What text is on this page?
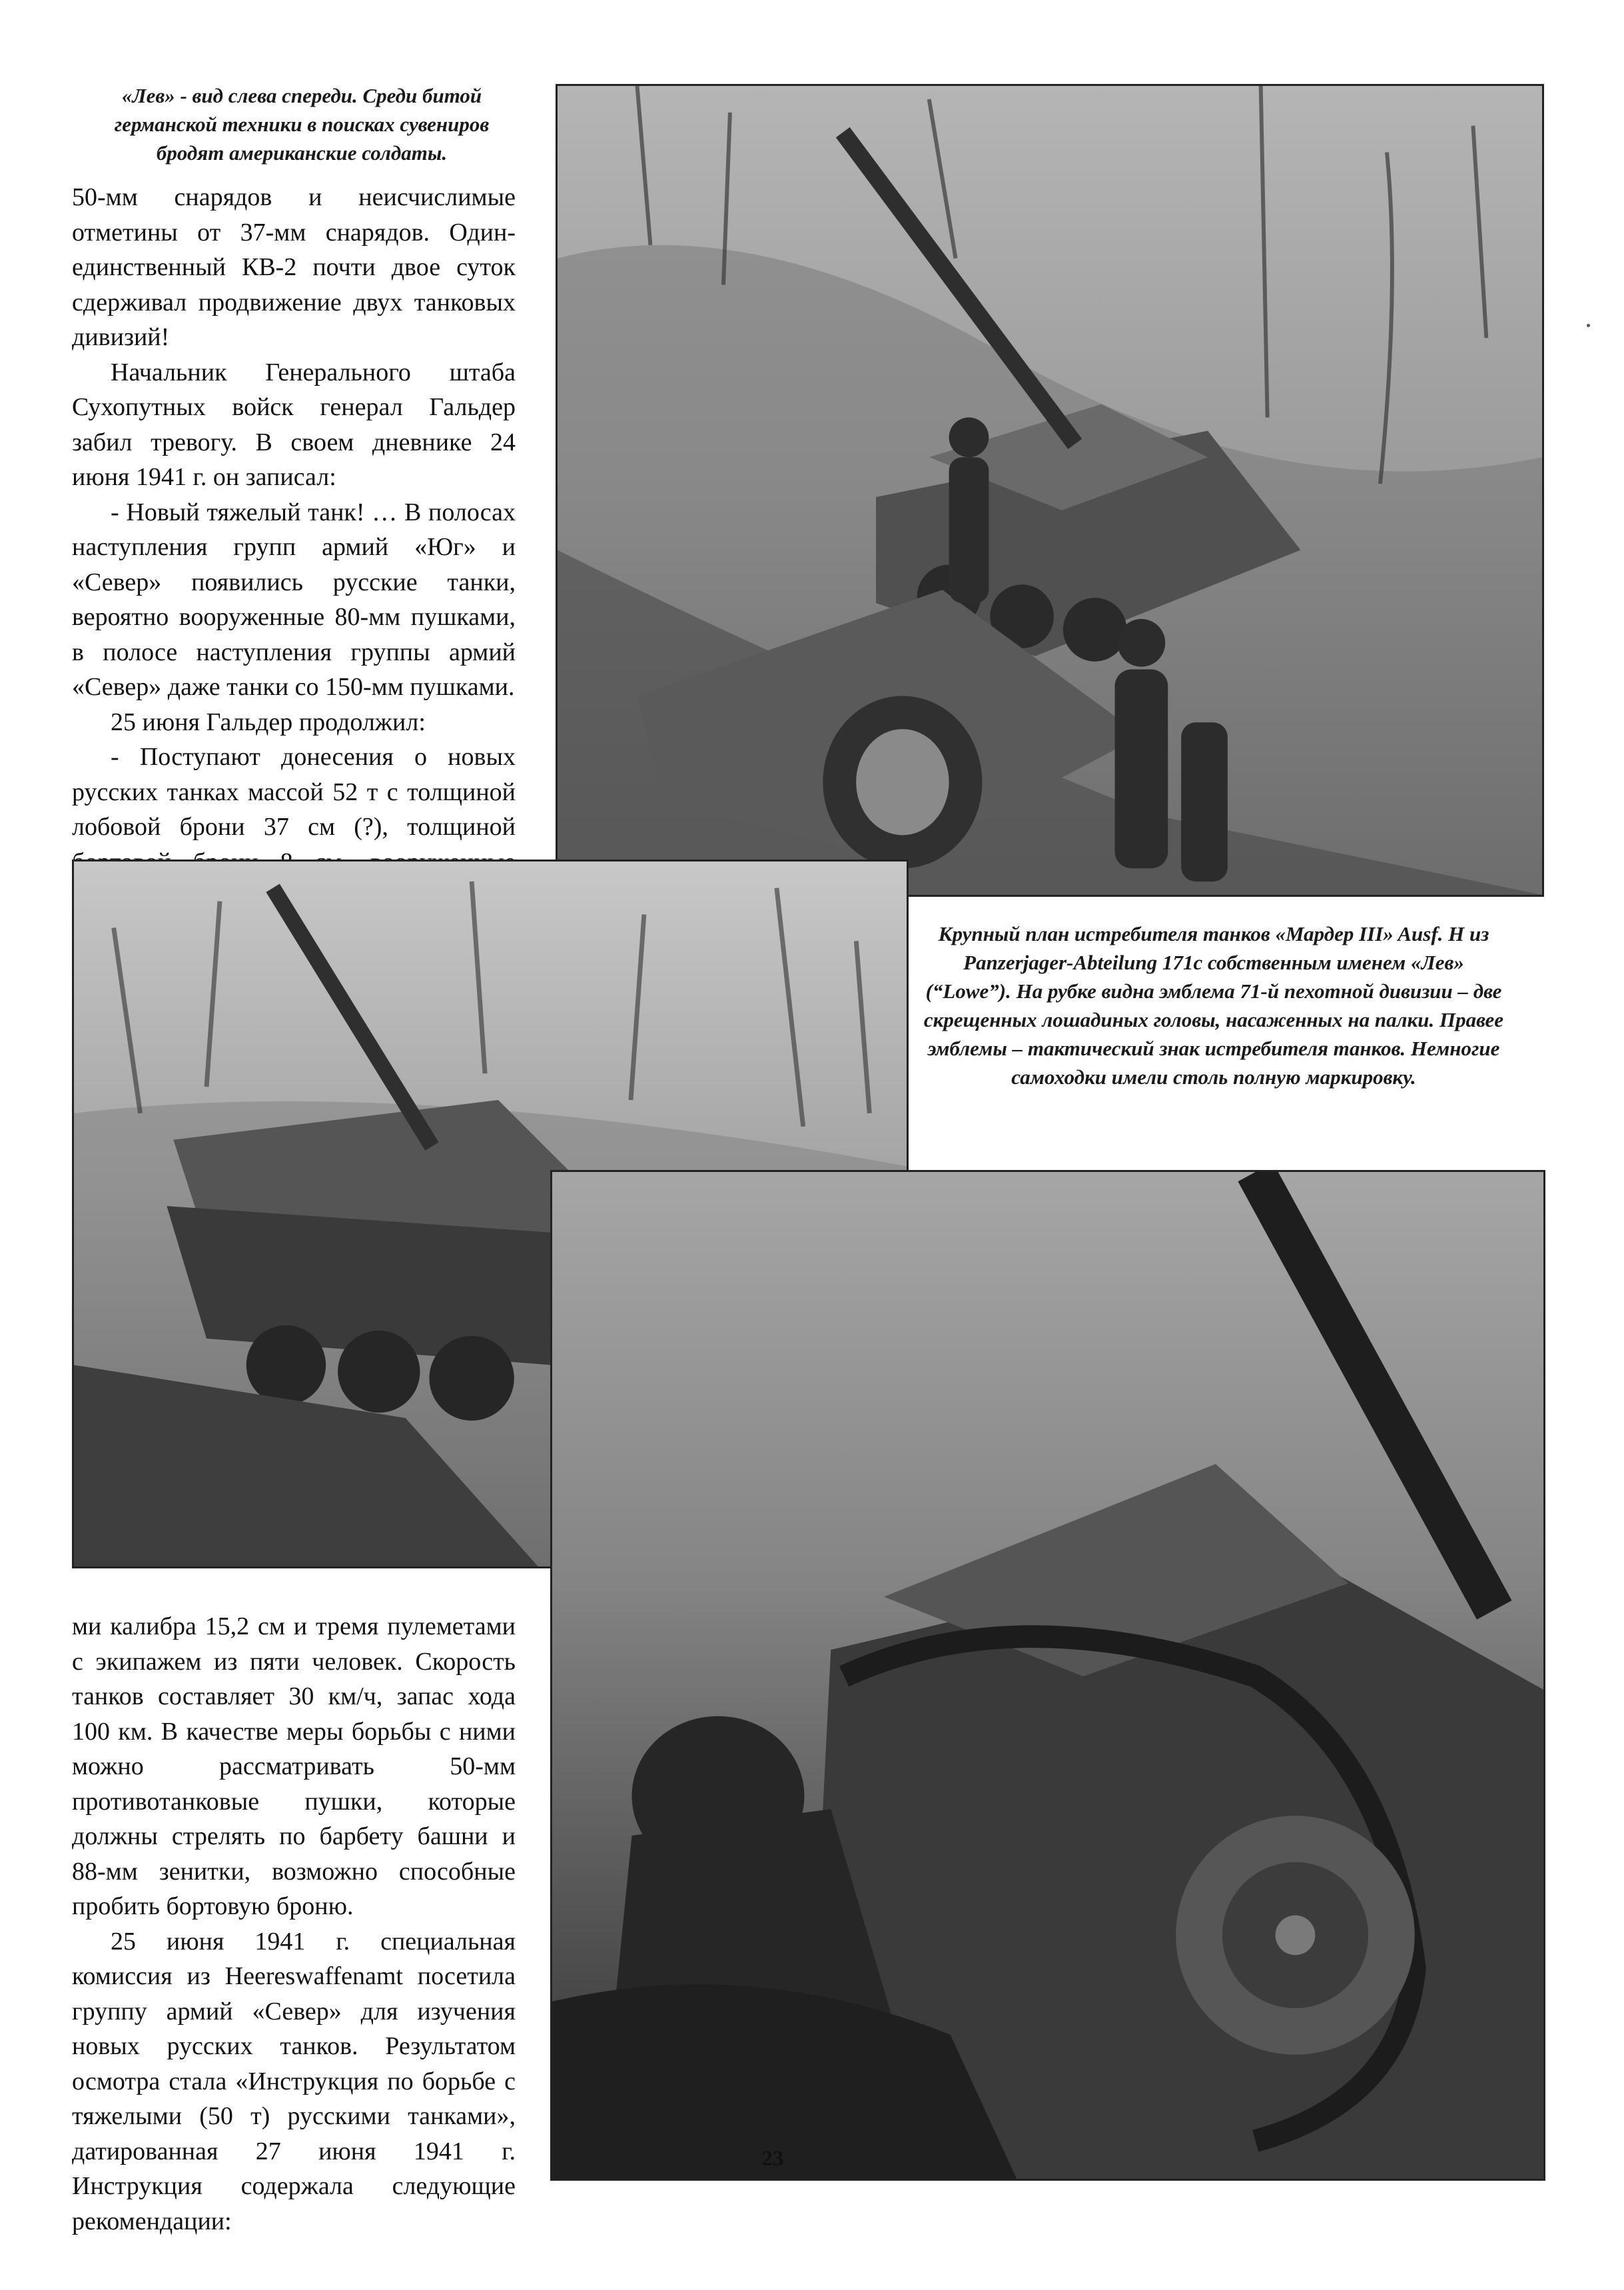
«Лев» - вид слева спереди. Среди битой германской техники в поисках сувениров бродят американские солдаты.

50-мм снарядов и неисчислимые отметины от 37-мм снарядов. Один-единственный КВ-2 почти двое суток сдерживал продвижение двух танковых дивизий!

Начальник Генерального штаба Сухопутных войск генерал Гальдер забил тревогу. В своем дневнике 24 июня 1941 г. он записал:

- Новый тяжелый танк! … В полосах наступления групп армий «Юг» и «Север» появились русские танки, вероятно вооруженные 80-мм пушками, в полосе наступления группы армий «Север» даже танки со 150-мм пушками.

25 июня Гальдер продолжил:

- Поступают донесения о новых русских танках массой 52 т с толщиной лобовой брони 37 см (?), толщиной

Крупный план истребителя танков «Мардер III» Ausf. H из Panzerjager-Abteilung 171c собственным именем «Лев» (“Lowe”). На рубке видна эмблема 71-й пехотной дивизии – две скрещенных лошадиных головы, насаженных на палки. Правее эмблемы – тактический знак истребителя танков. Немногие самоходки имели столь полную маркировку.

ми калибра 15,2 см и тремя пулеметами с экипажем из пяти человек. Скорость танков составляет 30 км/ч, запас хода 100 км. В качестве меры борьбы с ними можно рассматривать 50-мм противотанковые пушки, которые должны стрелять по барбету башни и 88-мм зенитки, возможно способные пробить бортовую броню.

25 июня 1941 г. специальная комиссия из Heereswaffenamt посетила группу армий «Север» для изучения новых русских танков. Результатом осмотра стала «Инструкция по борьбе с тяжелыми (50 т) русскими танками», датированная 27 июня 1941 г. Инструкция содержала следующие рекомендации:

23
